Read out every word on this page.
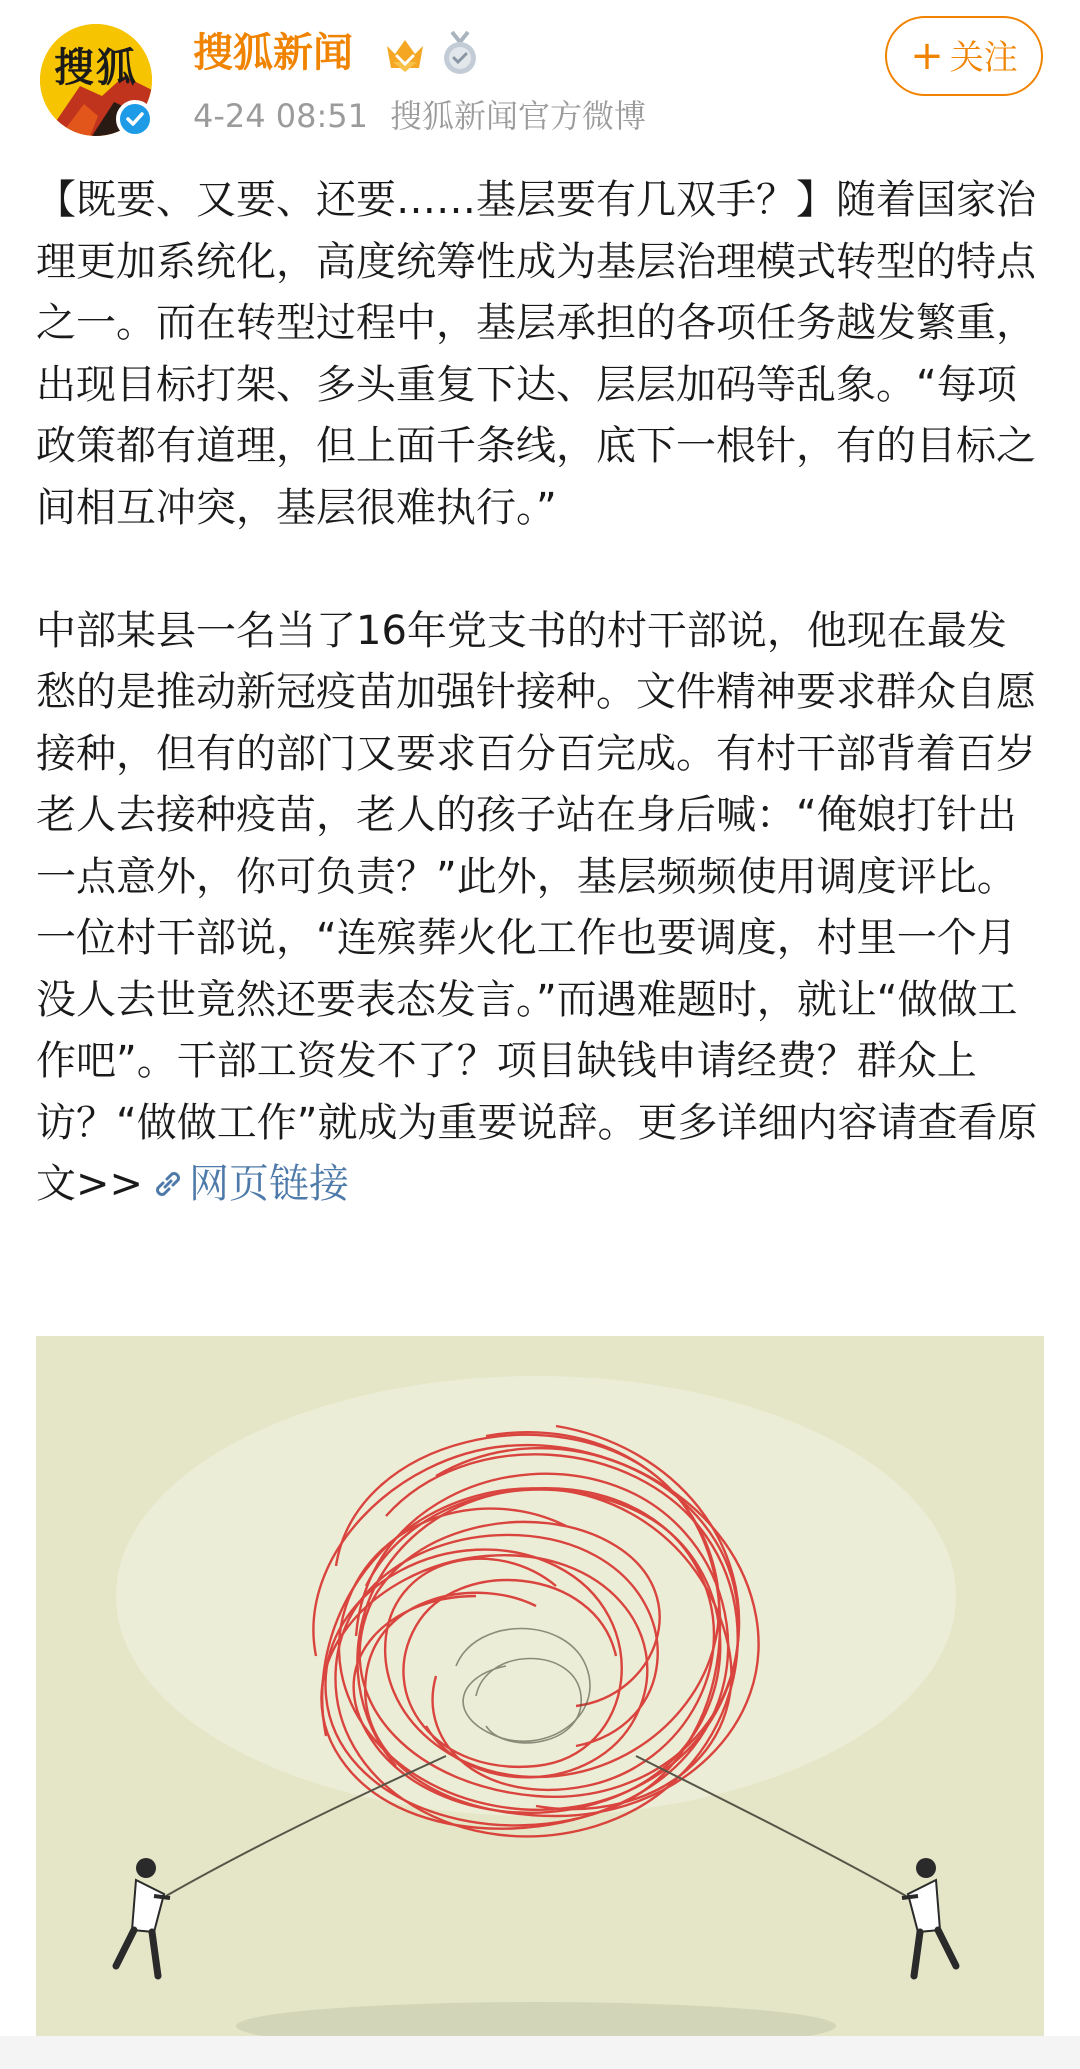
搜狐	搜狐新闻
4-24 08:51 搜狐新闻官方微博
+ 关注

【既要、又要、还要……基层要有几双手？】随着国家治理更加系统化，高度统筹性成为基层治理模式转型的特点之一。而在转型过程中，基层承担的各项任务越发繁重，出现目标打架、多头重复下达、层层加码等乱象。“每项政策都有道理，但上面千条线，底下一根针，有的目标之间相互冲突，基层很难执行。”

中部某县一名当了16年党支书的村干部说，他现在最发愁的是推动新冠疫苗加强针接种。文件精神要求群众自愿接种，但有的部门又要求百分百完成。有村干部背着百岁老人去接种疫苗，老人的孩子站在身后喊：“俺娘打针出一点意外，你可负责？”此外，基层频频使用调度评比。一位村干部说，“连殡葬火化工作也要调度，村里一个月没人去世竟然还要表态发言。”而遇难题时，就让“做做工作吧”。干部工资发不了？项目缺钱申请经费？群众上访？“做做工作”就成为重要说辞。更多详细内容请查看原文>> 网页链接
